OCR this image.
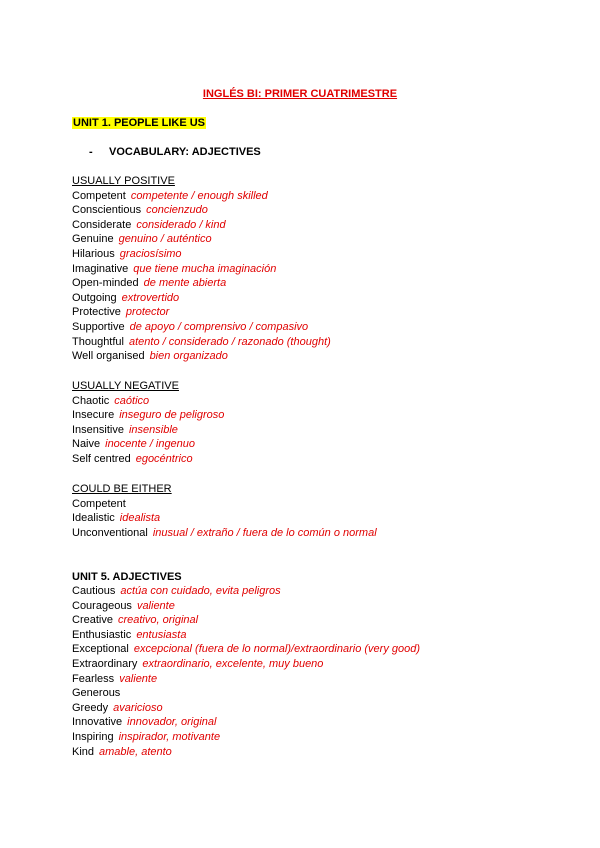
INGLÉS BI: PRIMER CUATRIMESTRE
UNIT 1. PEOPLE LIKE US
- VOCABULARY: ADJECTIVES
USUALLY POSITIVE
Competent competente / enough skilled
Conscientious concienzudo
Considerate considerado / kind
Genuine genuino / auténtico
Hilarious graciosísimo
Imaginative que tiene mucha imaginación
Open-minded de mente abierta
Outgoing extrovertido
Protective protector
Supportive de apoyo / comprensivo / compasivo
Thoughtful atento / considerado / razonado (thought)
Well organised bien organizado
USUALLY NEGATIVE
Chaotic caótico
Insecure inseguro de peligroso
Insensitive insensible
Naive inocente / ingenuo
Self centred egocéntrico
COULD BE EITHER
Competent
Idealistic idealista
Unconventional inusual / extraño / fuera de lo común o normal
UNIT 5. ADJECTIVES
Cautious actúa con cuidado, evita peligros
Courageous valiente
Creative creativo, original
Enthusiastic entusiasta
Exceptional excepcional (fuera de lo normal)/extraordinario (very good)
Extraordinary extraordinario, excelente, muy bueno
Fearless valiente
Generous
Greedy avaricioso
Innovative innovador, original
Inspiring inspirador, motivante
Kind amable, atento
